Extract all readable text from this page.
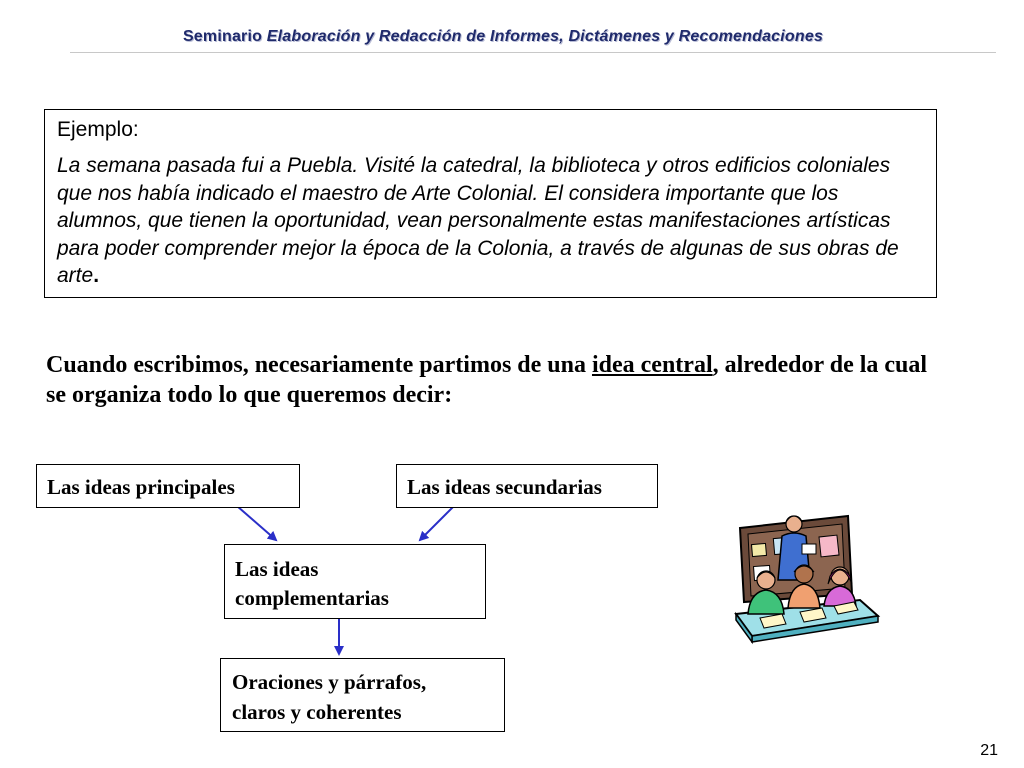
Seminario Elaboración y Redacción de Informes, Dictámenes y Recomendaciones

Ejemplo:

La semana pasada fui a Puebla. Visité la catedral, la biblioteca y otros edificios coloniales que nos había indicado el maestro de Arte Colonial. El considera importante que los alumnos, que tienen la oportunidad, vean personalmente estas manifestaciones artísticas para poder comprender mejor la época de la Colonia, a través de algunas de sus obras de arte.

Cuando escribimos, necesariamente partimos de una idea central, alrededor de la cual se organiza todo lo que queremos decir:
Las ideas principales	Las ideas secundarias
Las ideas
complementarias
Oraciones y párrafos,
claros y coherentes
21
